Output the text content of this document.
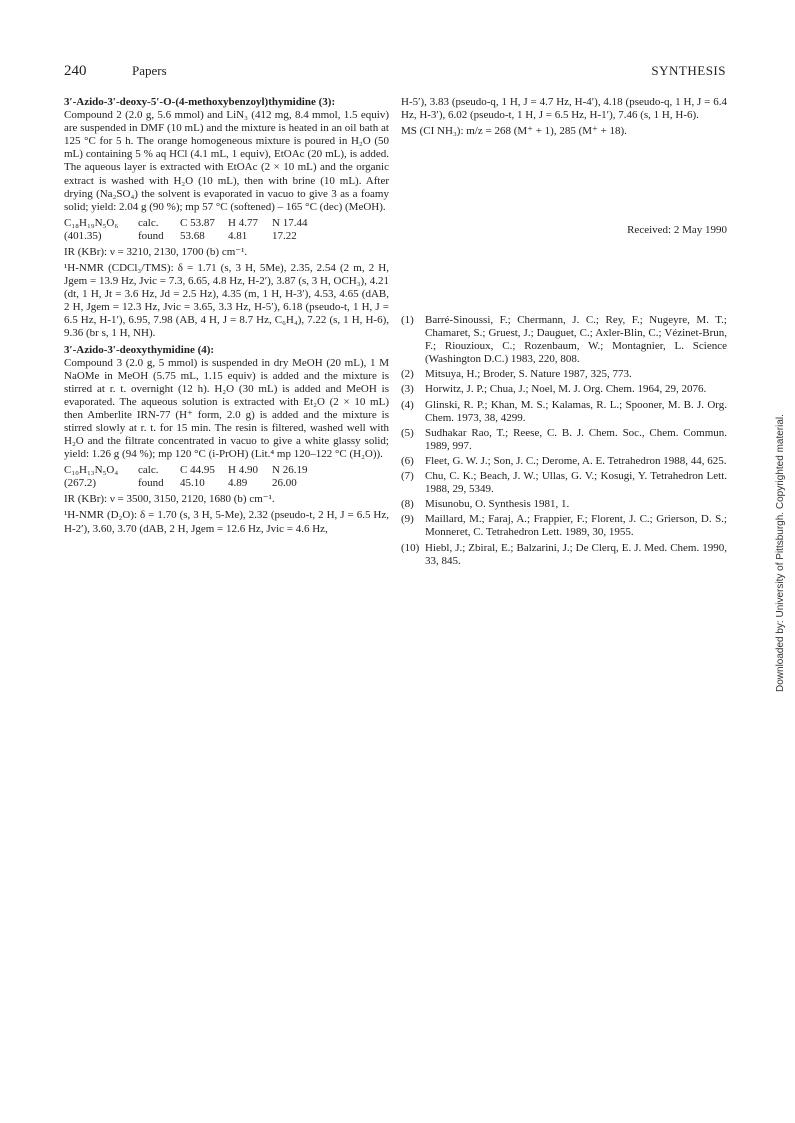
240	Papers	SYNTHESIS
3′-Azido-3′-deoxy-5′-O-(4-methoxybenzoyl)thymidine (3):

Compound 2 (2.0 g, 5.6 mmol) and LiN₃ (412 mg, 8.4 mmol, 1.5 equiv) are suspended in DMF (10 mL) and the mixture is heated in an oil bath at 125 °C for 5 h. The orange homogeneous mixture is poured in H₂O (50 mL) containing 5 % aq HCl (4.1 mL, 1 equiv), EtOAc (20 mL), is added. The aqueous layer is extracted with EtOAc (2 × 10 mL) and the organic extract is washed with H₂O (10 mL), then with brine (10 mL). After drying (Na₂SO₄) the solvent is evaporated in vacuo to give 3 as a foamy solid; yield: 2.04 g (90 %); mp 57 °C (softened) – 165 °C (dec) (MeOH).

C₁₈H₁₉N₅O₆	calc.	C 53.87	H 4.77	N 17.44
(401.35)	found	53.68	4.81	17.22

IR (KBr): ν = 3210, 2130, 1700 (b) cm⁻¹.

¹H-NMR (CDCl₃/TMS): δ = 1.71 (s, 3 H, 5Me), 2.35, 2.54 (2 m, 2 H, Jgem = 13.9 Hz, Jvic = 7.3, 6.65, 4.8 Hz, H-2′), 3.87 (s, 3 H, OCH₃), 4.21 (dt, 1 H, Jt = 3.6 Hz, Jd = 2.5 Hz), 4.35 (m, 1 H, H-3′), 4.53, 4.65 (dAB, 2 H, Jgem = 12.3 Hz, Jvic = 3.65, 3.3 Hz, H-5′), 6.18 (pseudo-t, 1 H, J = 6.5 Hz, H-1′), 6.95, 7.98 (AB, 4 H, J = 8.7 Hz, C₆H₄), 7.22 (s, 1 H, H-6), 9.36 (br s, 1 H, NH).

3′-Azido-3′-deoxythymidine (4):

Compound 3 (2.0 g, 5 mmol) is suspended in dry MeOH (20 mL), 1 M NaOMe in MeOH (5.75 mL, 1.15 equiv) is added and the mixture is stirred at r. t. overnight (12 h). H₂O (30 mL) is added and MeOH is evaporated. The aqueous solution is extracted with Et₂O (2 × 10 mL) then Amberlite IRN-77 (H⁺ form, 2.0 g) is added and the mixture is stirred slowly at r. t. for 15 min. The resin is filtered, washed well with H₂O and the filtrate concentrated in vacuo to give a white glassy solid; yield: 1.26 g (94 %); mp 120 °C (i-PrOH) (Lit.⁴ mp 120–122 °C (H₂O)).

C₁₀H₁₃N₅O₄	calc.	C 44.95	H 4.90	N 26.19
(267.2)	found	45.10	4.89	26.00

IR (KBr): ν = 3500, 3150, 2120, 1680 (b) cm⁻¹.

¹H-NMR (D₂O): δ = 1.70 (s, 3 H, 5-Me), 2.32 (pseudo-t, 2 H, J = 6.5 Hz, H-2′), 3.60, 3.70 (dAB, 2 H, Jgem = 12.6 Hz, Jvic = 4.6 Hz,

H-5′), 3.83 (pseudo-q, 1 H, J = 4.7 Hz, H-4′), 4.18 (pseudo-q, 1 H, J = 6.4 Hz, H-3′), 6.02 (pseudo-t, 1 H, J = 6.5 Hz, H-1′), 7.46 (s, 1 H, H-6).

MS (CI NH₃): m/z = 268 (M⁺ + 1), 285 (M⁺ + 18).

Received: 2 May 1990
(1)	Barré-Sinoussi, F.; Chermann, J. C.; Rey, F.; Nugeyre, M. T.; Chamaret, S.; Gruest, J.; Dauguet, C.; Axler-Blin, C.; Vézinet-Brun, F.; Riouzioux, C.; Rozenbaum, W.; Montagnier, L. Science (Washington D.C.) 1983, 220, 808.
(2)	Mitsuya, H.; Broder, S. Nature 1987, 325, 773.
(3)	Horwitz, J. P.; Chua, J.; Noel, M. J. Org. Chem. 1964, 29, 2076.
(4)	Glinski, R. P.; Khan, M. S.; Kalamas, R. L.; Spooner, M. B. J. Org. Chem. 1973, 38, 4299.
(5)	Sudhakar Rao, T.; Reese, C. B. J. Chem. Soc., Chem. Commun. 1989, 997.
(6)	Fleet, G. W. J.; Son, J. C.; Derome, A. E. Tetrahedron 1988, 44, 625.
(7)	Chu, C. K.; Beach, J. W.; Ullas, G. V.; Kosugi, Y. Tetrahedron Lett. 1988, 29, 5349.
(8)	Misunobu, O. Synthesis 1981, 1.
(9)	Maillard, M.; Faraj, A.; Frappier, F.; Florent, J. C.; Grierson, D. S.; Monneret, C. Tetrahedron Lett. 1989, 30, 1955.
(10) Hiebl, J.; Zbiral, E.; Balzarini, J.; De Clerq, E. J. Med. Chem. 1990, 33, 845.	Downloaded by: University of Pittsburgh. Copyrighted material.
